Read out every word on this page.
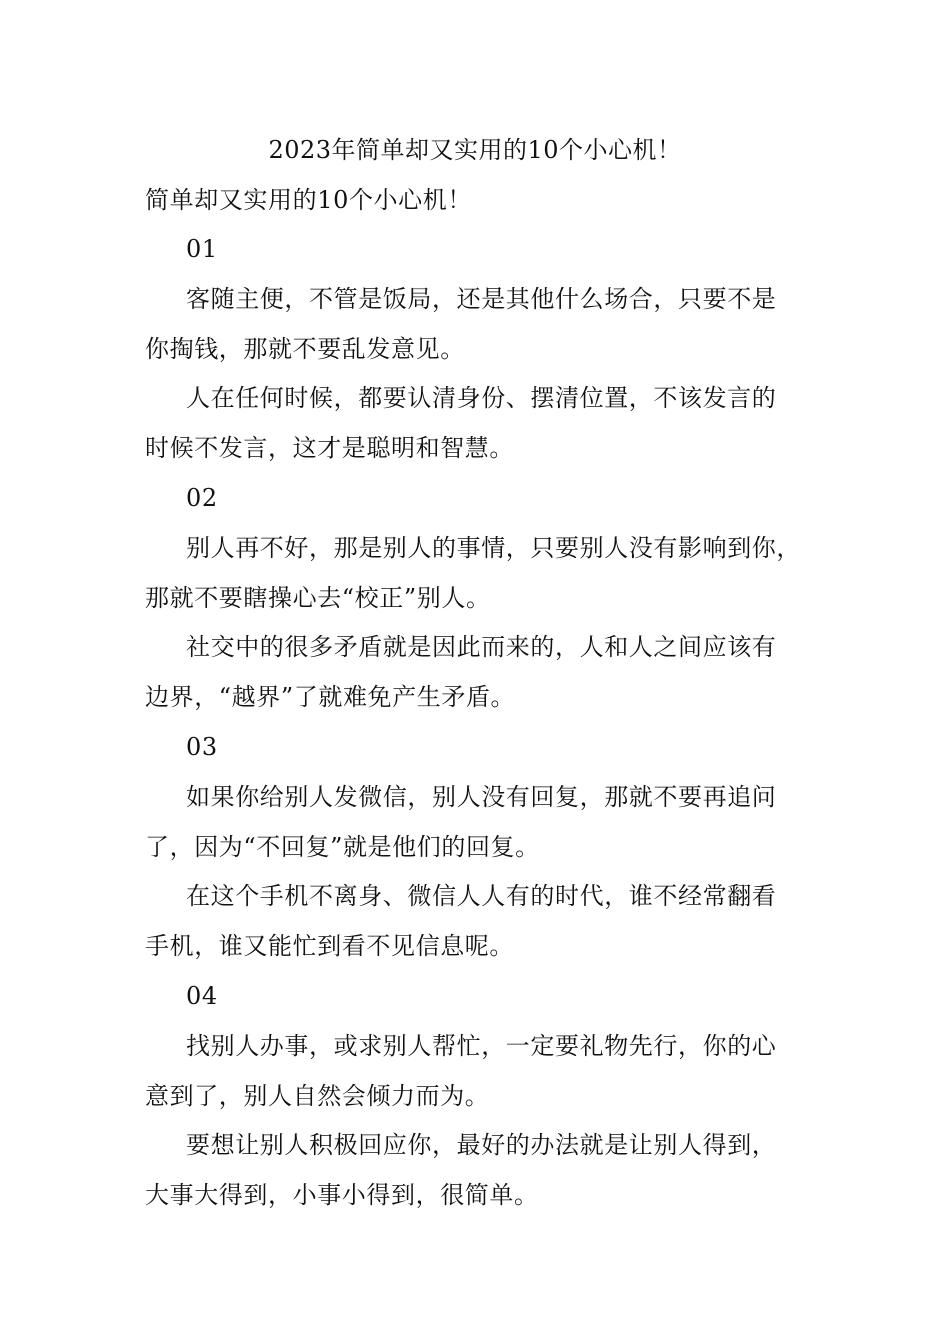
2023年简单却又实用的10个小心机！
简单却又实用的10个小心机！
01
客随主便，不管是饭局，还是其他什么场合，只要不是
你掏钱，那就不要乱发意见。
人在任何时候，都要认清身份、摆清位置，不该发言的
时候不发言，这才是聪明和智慧。
02
别人再不好，那是别人的事情，只要别人没有影响到你，
那就不要瞎操心去“校正”别人。
社交中的很多矛盾就是因此而来的，人和人之间应该有
边界，“越界”了就难免产生矛盾。
03
如果你给别人发微信，别人没有回复，那就不要再追问
了，因为“不回复”就是他们的回复。
在这个手机不离身、微信人人有的时代，谁不经常翻看
手机，谁又能忙到看不见信息呢。
04
找别人办事，或求别人帮忙，一定要礼物先行，你的心
意到了，别人自然会倾力而为。
要想让别人积极回应你，最好的办法就是让别人得到，
大事大得到，小事小得到，很简单。
